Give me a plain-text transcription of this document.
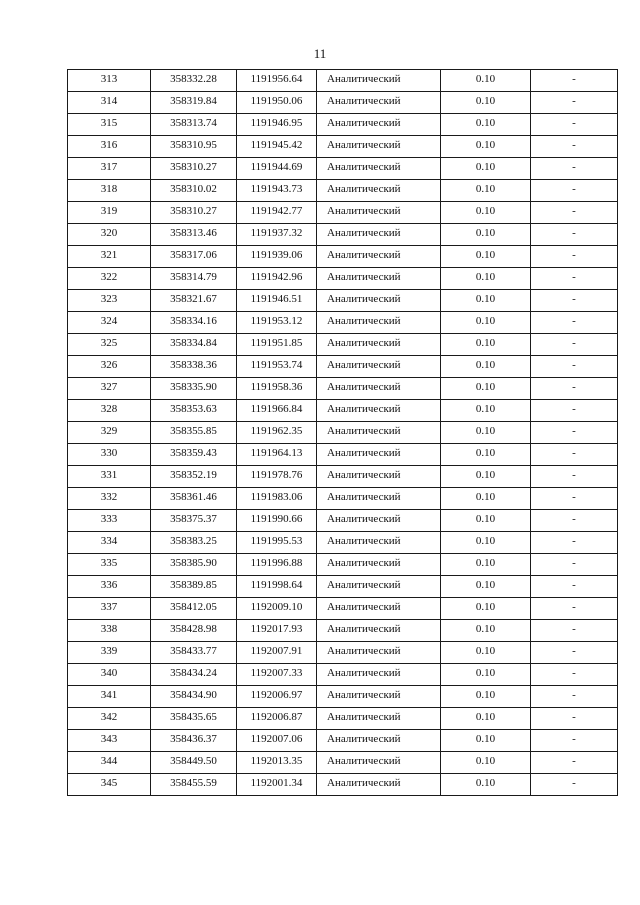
11
313	358332.28	1191956.64	Аналитический	0.10	-
314	358319.84	1191950.06	Аналитический	0.10	-
315	358313.74	1191946.95	Аналитический	0.10	-
316	358310.95	1191945.42	Аналитический	0.10	-
317	358310.27	1191944.69	Аналитический	0.10	-
318	358310.02	1191943.73	Аналитический	0.10	-
319	358310.27	1191942.77	Аналитический	0.10	-
320	358313.46	1191937.32	Аналитический	0.10	-
321	358317.06	1191939.06	Аналитический	0.10	-
322	358314.79	1191942.96	Аналитический	0.10	-
323	358321.67	1191946.51	Аналитический	0.10	-
324	358334.16	1191953.12	Аналитический	0.10	-
325	358334.84	1191951.85	Аналитический	0.10	-
326	358338.36	1191953.74	Аналитический	0.10	-
327	358335.90	1191958.36	Аналитический	0.10	-
328	358353.63	1191966.84	Аналитический	0.10	-
329	358355.85	1191962.35	Аналитический	0.10	-
330	358359.43	1191964.13	Аналитический	0.10	-
331	358352.19	1191978.76	Аналитический	0.10	-
332	358361.46	1191983.06	Аналитический	0.10	-
333	358375.37	1191990.66	Аналитический	0.10	-
334	358383.25	1191995.53	Аналитический	0.10	-
335	358385.90	1191996.88	Аналитический	0.10	-
336	358389.85	1191998.64	Аналитический	0.10	-
337	358412.05	1192009.10	Аналитический	0.10	-
338	358428.98	1192017.93	Аналитический	0.10	-
339	358433.77	1192007.91	Аналитический	0.10	-
340	358434.24	1192007.33	Аналитический	0.10	-
341	358434.90	1192006.97	Аналитический	0.10	-
342	358435.65	1192006.87	Аналитический	0.10	-
343	358436.37	1192007.06	Аналитический	0.10	-
344	358449.50	1192013.35	Аналитический	0.10	-
345	358455.59	1192001.34	Аналитический	0.10	-
